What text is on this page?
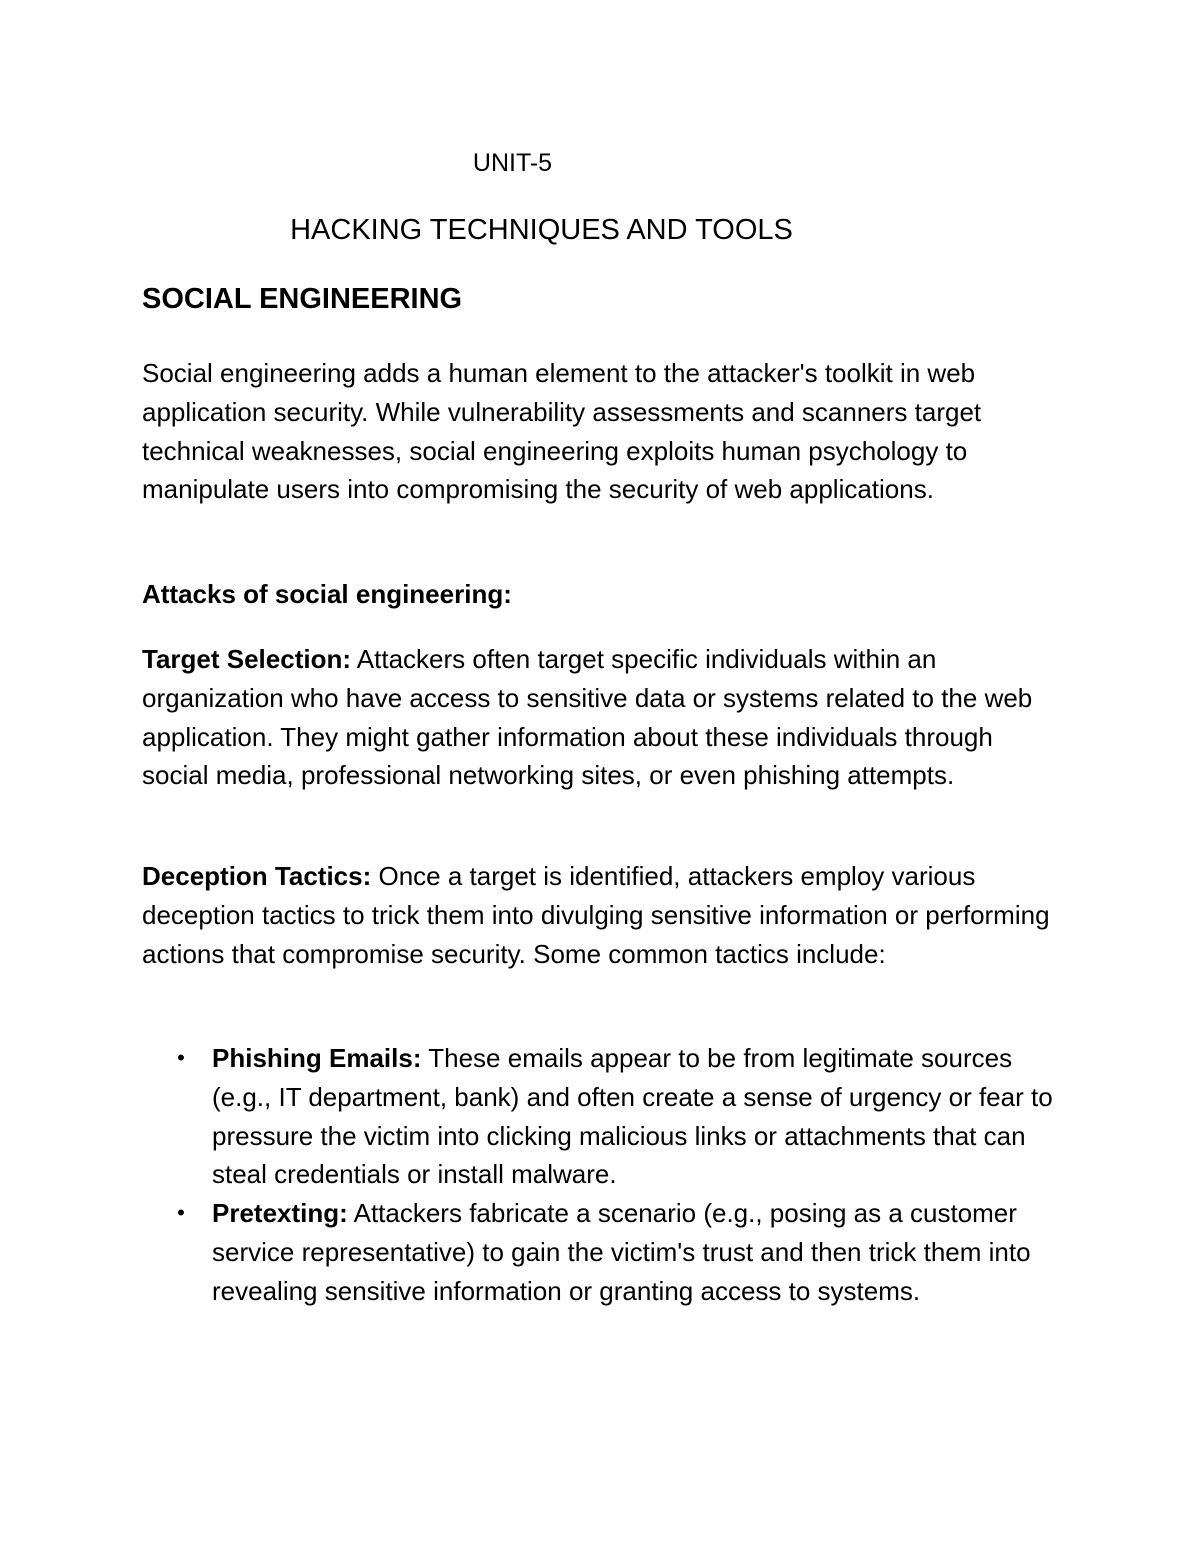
UNIT-5
HACKING TECHNIQUES AND TOOLS
SOCIAL ENGINEERING

Social engineering adds a human element to the attacker's toolkit in web application security. While vulnerability assessments and scanners target technical weaknesses, social engineering exploits human psychology to manipulate users into compromising the security of web applications.

Attacks of social engineering:

Target Selection: Attackers often target specific individuals within an organization who have access to sensitive data or systems related to the web application. They might gather information about these individuals through social media, professional networking sites, or even phishing attempts.

Deception Tactics: Once a target is identified, attackers employ various deception tactics to trick them into divulging sensitive information or performing actions that compromise security. Some common tactics include:

• Phishing Emails: These emails appear to be from legitimate sources (e.g., IT department, bank) and often create a sense of urgency or fear to pressure the victim into clicking malicious links or attachments that can steal credentials or install malware.
• Pretexting: Attackers fabricate a scenario (e.g., posing as a customer service representative) to gain the victim's trust and then trick them into revealing sensitive information or granting access to systems.
